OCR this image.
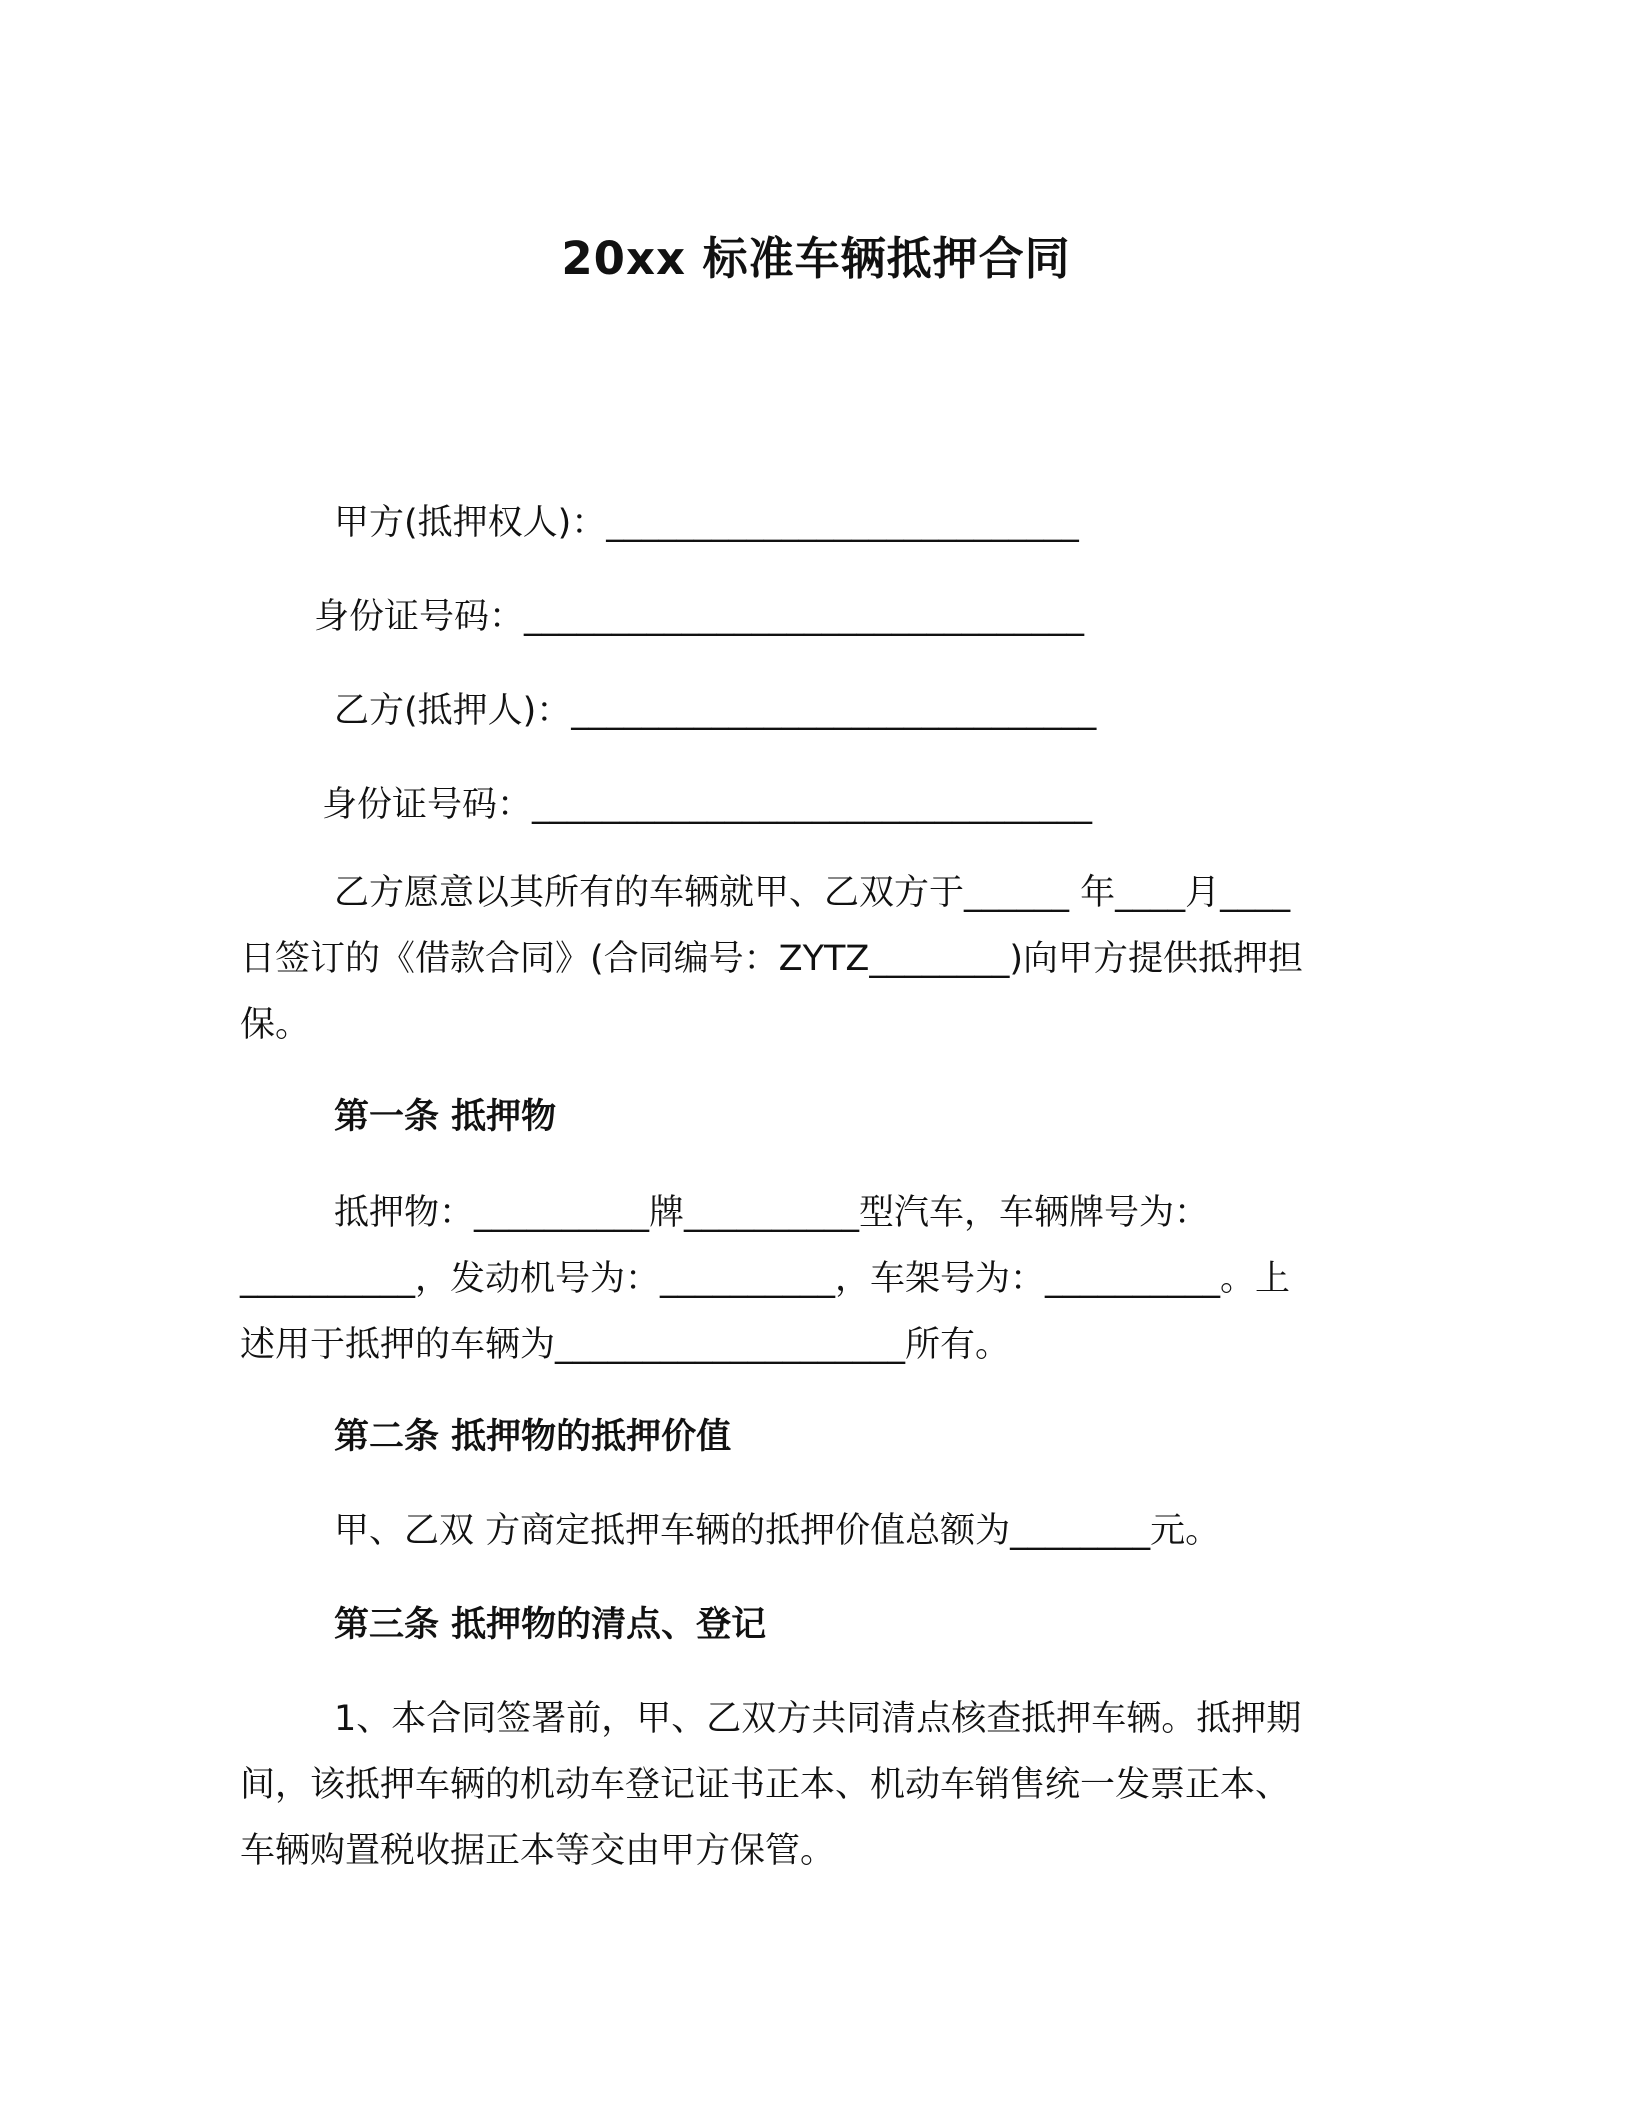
20xx 标准车辆抵押合同
甲方(抵押权人)：___________________________
身份证号码：________________________________
乙方(抵押人)：______________________________
身份证号码：________________________________
乙方愿意以其所有的车辆就甲、乙双方于______ 年____月____
日签订的《借款合同》(合同编号：ZYTZ________)向甲方提供抵押担
保。
第一条 抵押物
抵押物：__________牌__________型汽车，车辆牌号为：
__________，发动机号为：__________，车架号为：__________。上
述用于抵押的车辆为____________________所有。
第二条 抵押物的抵押价值
甲、乙双 方商定抵押车辆的抵押价值总额为________元。
第三条 抵押物的清点、登记
1、本合同签署前，甲、乙双方共同清点核查抵押车辆。抵押期
间，该抵押车辆的机动车登记证书正本、机动车销售统一发票正本、
车辆购置税收据正本等交由甲方保管。
